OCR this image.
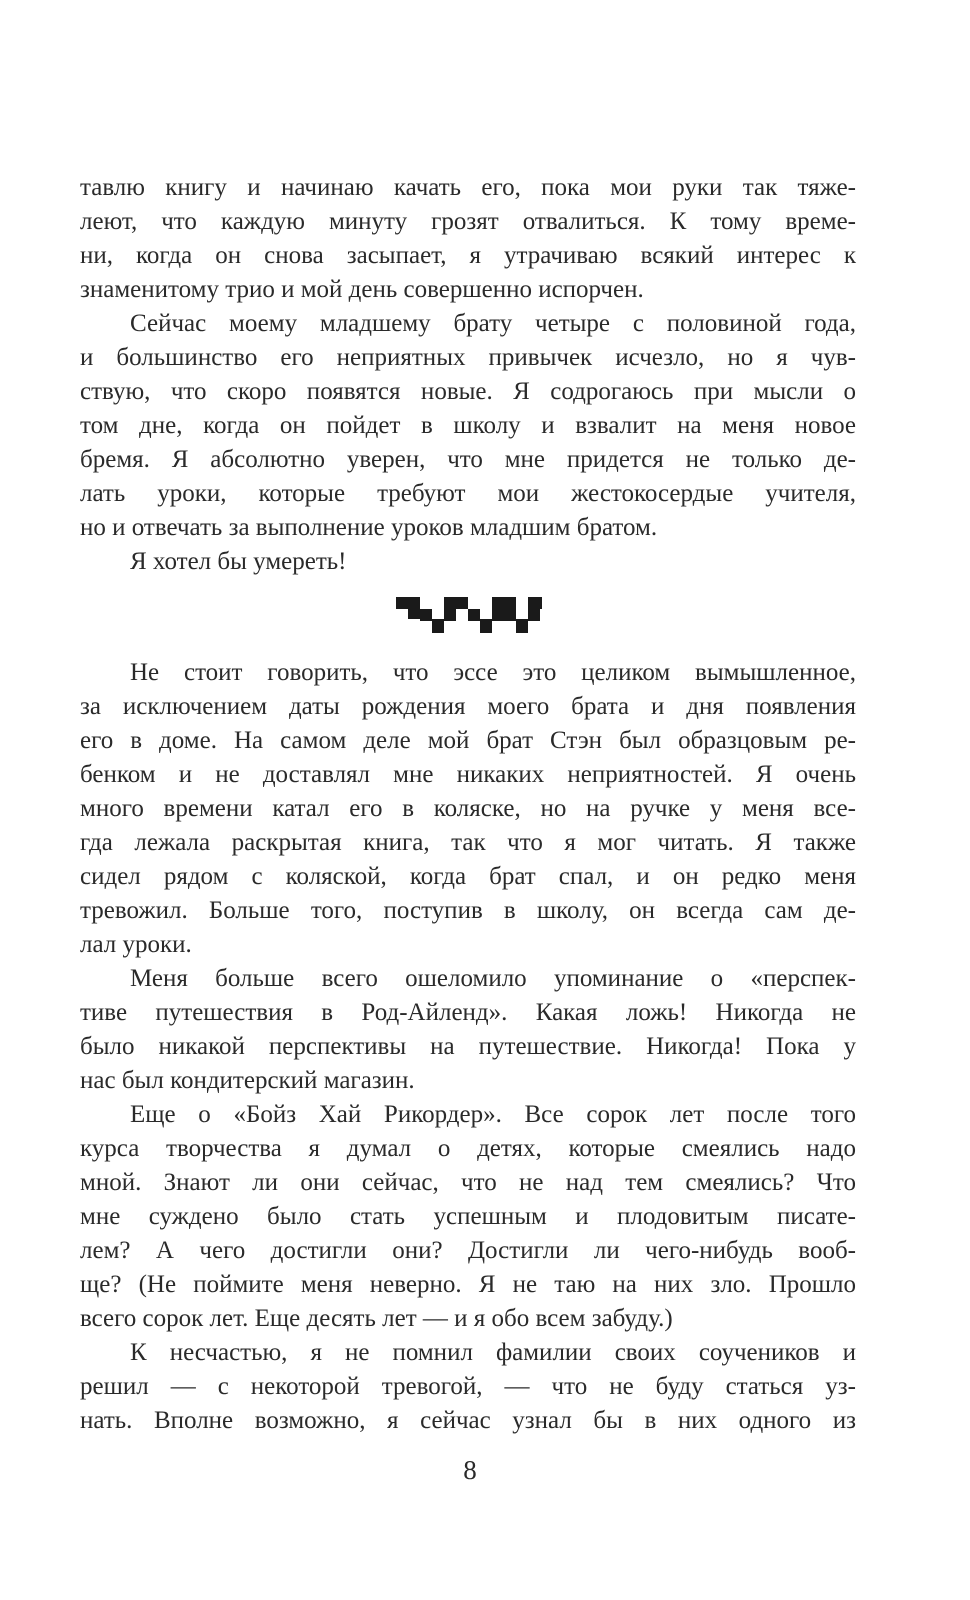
тавлю книгу и начинаю качать его, пока мои руки так тяже-
леют, что каждую минуту грозят отвалиться. К тому време-
ни, когда он снова засыпает, я утрачиваю всякий интерес к
знаменитому трио и мой день совершенно испорчен.
Сейчас моему младшему брату четыре с половиной года,
и большинство его неприятных привычек исчезло, но я чув-
ствую, что скоро появятся новые. Я содрогаюсь при мысли о
том дне, когда он пойдет в школу и взвалит на меня новое
бремя. Я абсолютно уверен, что мне придется не только де-
лать уроки, которые требуют мои жестокосердые учителя,
но и отвечать за выполнение уроков младшим братом.
Я хотел бы умереть!
Не стоит говорить, что эссе это целиком вымышленное,
за исключением даты рождения моего брата и дня появления
его в доме. На самом деле мой брат Стэн был образцовым ре-
бенком и не доставлял мне никаких неприятностей. Я очень
много времени катал его в коляске, но на ручке у меня все-
гда лежала раскрытая книга, так что я мог читать. Я также
сидел рядом с коляской, когда брат спал, и он редко меня
тревожил. Больше того, поступив в школу, он всегда сам де-
лал уроки.
Меня больше всего ошеломило упоминание о «перспек-
тиве путешествия в Род-Айленд». Какая ложь! Никогда не
было никакой перспективы на путешествие. Никогда! Пока у
нас был кондитерский магазин.
Еще о «Бойз Хай Рикордер». Все сорок лет после того
курса творчества я думал о детях, которые смеялись надо
мной. Знают ли они сейчас, что не над тем смеялись? Что
мне суждено было стать успешным и плодовитым писате-
лем? А чего достигли они? Достигли ли чего-нибудь вооб-
ще? (Не поймите меня неверно. Я не таю на них зло. Прошло
всего сорок лет. Еще десять лет — и я обо всем забуду.)
К несчастью, я не помнил фамилии своих соучеников и
решил — с некоторой тревогой, — что не буду статься уз-
нать. Вполне возможно, я сейчас узнал бы в них одного из
8
